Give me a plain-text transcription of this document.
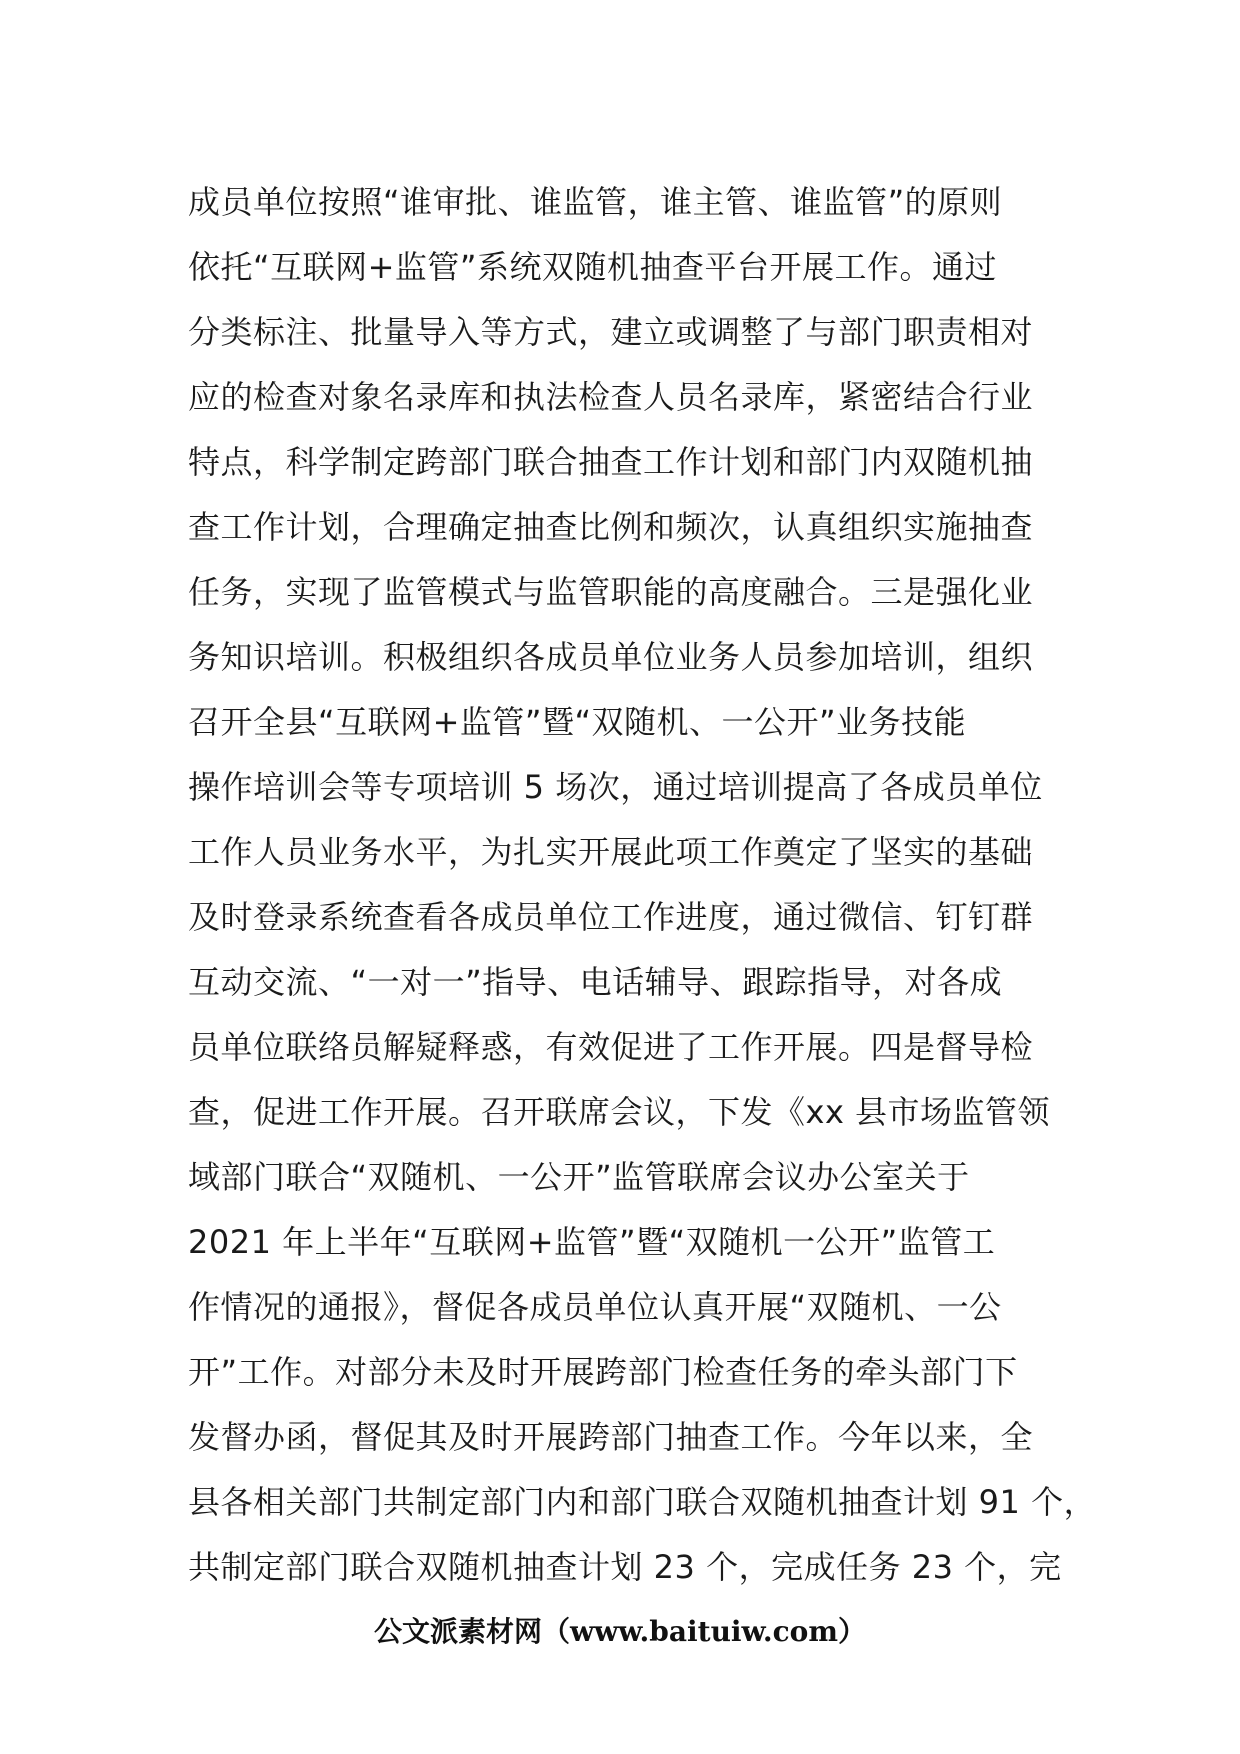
成员单位按照“谁审批、谁监管，谁主管、谁监管”的原则
依托“互联网+监管”系统双随机抽查平台开展工作。通过
分类标注、批量导入等方式，建立或调整了与部门职责相对
应的检查对象名录库和执法检查人员名录库，紧密结合行业
特点，科学制定跨部门联合抽查工作计划和部门内双随机抽
查工作计划，合理确定抽查比例和频次，认真组织实施抽查
任务，实现了监管模式与监管职能的高度融合。三是强化业
务知识培训。积极组织各成员单位业务人员参加培训，组织
召开全县“互联网+监管”暨“双随机、一公开”业务技能
操作培训会等专项培训 5 场次，通过培训提高了各成员单位
工作人员业务水平，为扎实开展此项工作奠定了坚实的基础
及时登录系统查看各成员单位工作进度，通过微信、钉钉群
互动交流、“一对一”指导、电话辅导、跟踪指导，对各成
员单位联络员解疑释惑，有效促进了工作开展。四是督导检
查，促进工作开展。召开联席会议，下发《xx 县市场监管领
域部门联合“双随机、一公开”监管联席会议办公室关于
2021 年上半年“互联网+监管”暨“双随机一公开”监管工
作情况的通报》，督促各成员单位认真开展“双随机、一公
开”工作。对部分未及时开展跨部门检查任务的牵头部门下
发督办函，督促其及时开展跨部门抽查工作。今年以来，全
县各相关部门共制定部门内和部门联合双随机抽查计划 91 个，
共制定部门联合双随机抽查计划 23 个，完成任务 23 个，完
公文派素材网（www.baituiw.com）
